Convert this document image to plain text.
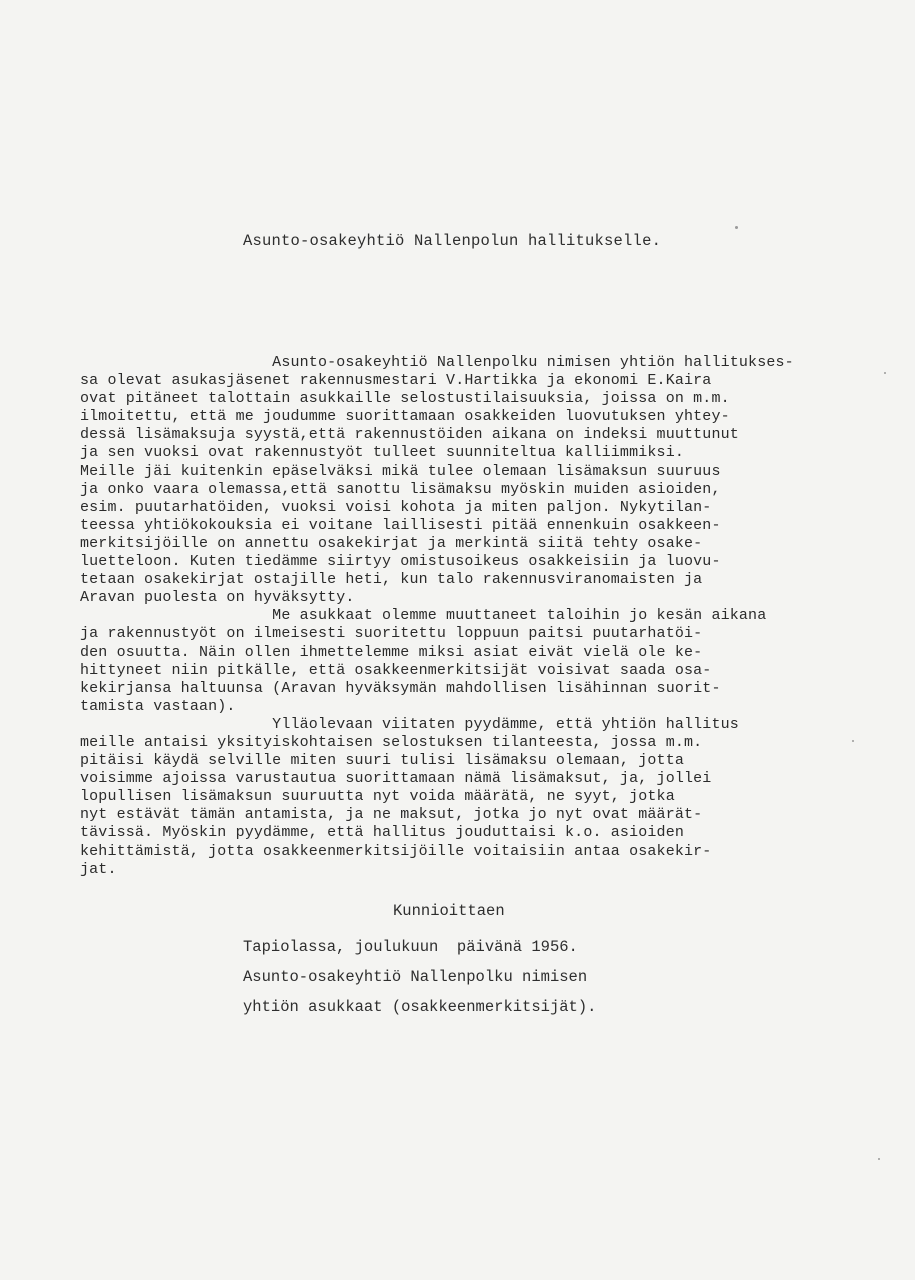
Asunto-osakeyhtiö Nallenpolun hallitukselle.
Asunto-osakeyhtiö Nallenpolku nimisen yhtiön hallitukses-
sa olevat asukasjäsenet rakennusmestari V.Hartikka ja ekonomi E.Kaira
ovat pitäneet talottain asukkaille selostustilaisuuksia, joissa on m.m.
ilmoitettu, että me joudumme suorittamaan osakkeiden luovutuksen yhtey-
dessä lisämaksuja syystä,että rakennustöiden aikana on indeksi muuttunut
ja sen vuoksi ovat rakennustyöt tulleet suunniteltua kalliimmiksi.
Meille jäi kuitenkin epäselväksi mikä tulee olemaan lisämaksun suuruus
ja onko vaara olemassa,että sanottu lisämaksu myöskin muiden asioiden,
esim. puutarhatöiden, vuoksi voisi kohota ja miten paljon. Nykytilan-
teessa yhtiökokouksia ei voitane laillisesti pitää ennenkuin osakkeen-
merkitsijöille on annettu osakekirjat ja merkintä siitä tehty osake-
luetteloon. Kuten tiedämme siirtyy omistusoikeus osakkeisiin ja luovu-
tetaan osakekirjat ostajille heti, kun talo rakennusviranomaisten ja
Aravan puolesta on hyväksytty.
Me asukkaat olemme muuttaneet taloihin jo kesän aikana
ja rakennustyöt on ilmeisesti suoritettu loppuun paitsi puutarhatöi-
den osuutta. Näin ollen ihmettelemme miksi asiat eivät vielä ole ke-
hittyneet niin pitkälle, että osakkeenmerkitsijät voisivat saada osa-
kekirjansa haltuunsa (Aravan hyväksymän mahdollisen lisähinnan suorit-
tamista vastaan).
Ylläolevaan viitaten pyydämme, että yhtiön hallitus
meille antaisi yksityiskohtaisen selostuksen tilanteesta, jossa m.m.
pitäisi käydä selville miten suuri tulisi lisämaksu olemaan, jotta
voisimme ajoissa varustautua suorittamaan nämä lisämaksut, ja, jollei
lopullisen lisämaksun suuruutta nyt voida määrätä, ne syyt, jotka
nyt estävät tämän antamista, ja ne maksut, jotka jo nyt ovat määrät-
tävissä. Myöskin pyydämme, että hallitus jouduttaisi k.o. asioiden
kehittämistä, jotta osakkeenmerkitsijöille voitaisiin antaa osakekir-
jat.
Kunnioittaen
Tapiolassa, joulukuun  päivänä 1956.
Asunto-osakeyhtiö Nallenpolku nimisen
yhtiön asukkaat (osakkeenmerkitsijät).
